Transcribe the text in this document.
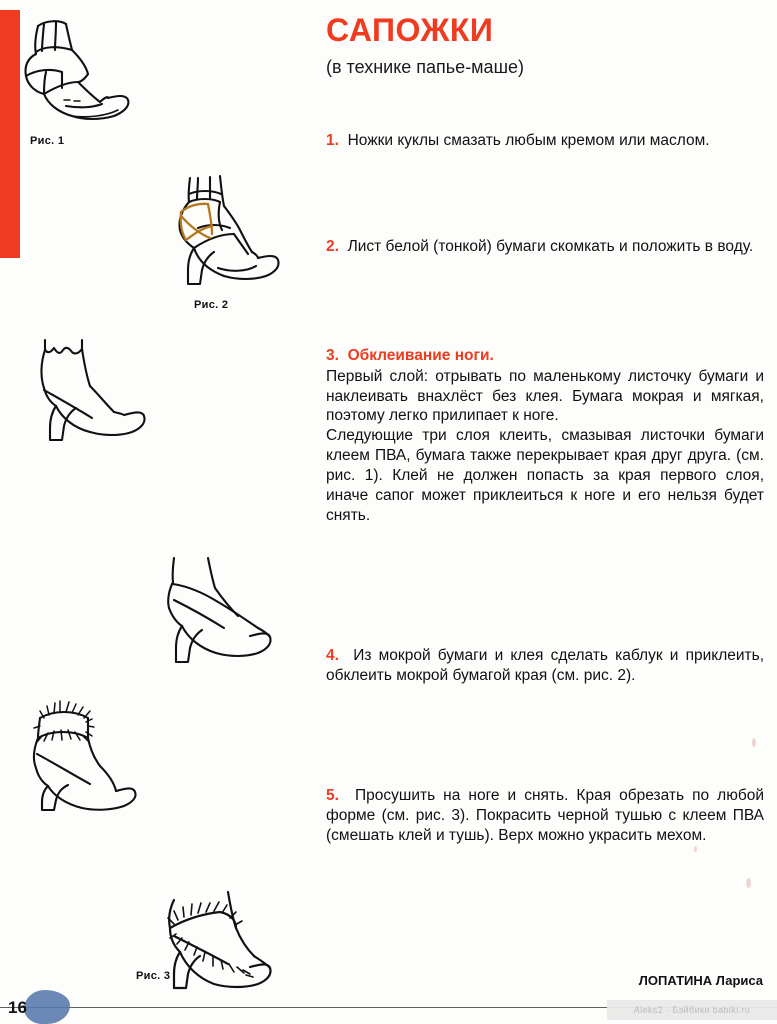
САПОЖКИ
(в технике папье-маше)

1. Ножки куклы смазать любым кремом или маслом.

2. Лист белой (тонкой) бумаги скомкать и положить в воду.

3. Обклеивание ноги.

Первый слой: отрывать по маленькому листочку бумаги и наклеивать внахлёст без клея. Бумага мокрая и мягкая, поэтому легко прилипает к ноге.

Следующие три слоя клеить, смазывая листочки бумаги клеем ПВА, бумага также перекрывает края друг друга. (см. рис. 1). Клей не должен попасть за края первого слоя, иначе сапог может приклеиться к ноге и его нельзя будет снять.

4. Из мокрой бумаги и клея сделать каблук и приклеить, обклеить мокрой бумагой края (см. рис. 2).

5. Просушить на ноге и снять. Края обрезать по любой форме (см. рис. 3). Покрасить черной тушью с клеем ПВА (смешать клей и тушь). Верх можно украсить мехом.

Рис. 1
Рис. 2
Рис. 3	ЛОПАТИНА Лариса
16	Aleks2 · Бэйбики babiki.ru
